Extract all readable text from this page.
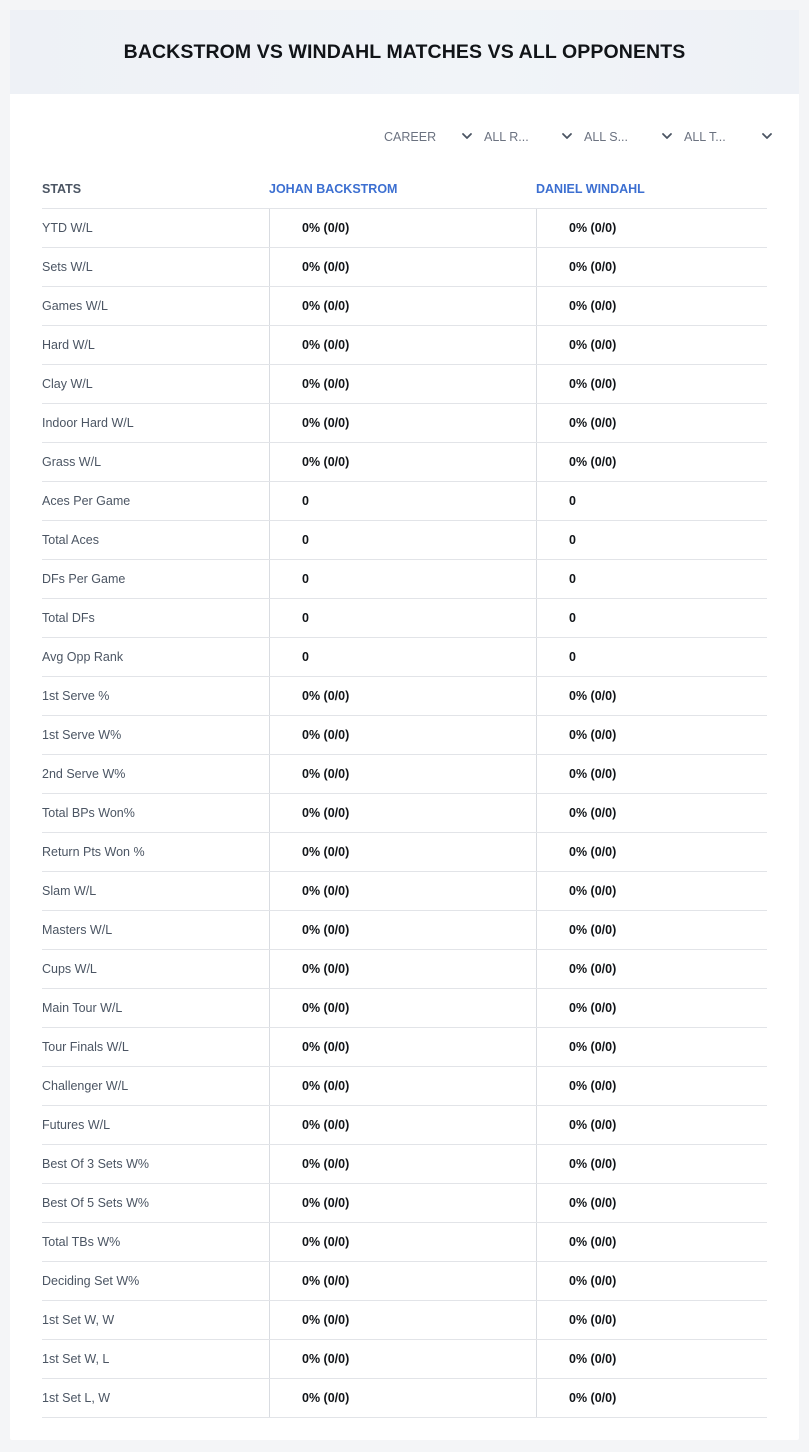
BACKSTROM VS WINDAHL MATCHES VS ALL OPPONENTS
CAREER	ALL R...	ALL S...	ALL T...
STATS	JOHAN BACKSTROM	DANIEL WINDAHL
YTD W/L	0% (0/0)	0% (0/0)
Sets W/L	0% (0/0)	0% (0/0)
Games W/L	0% (0/0)	0% (0/0)
Hard W/L	0% (0/0)	0% (0/0)
Clay W/L	0% (0/0)	0% (0/0)
Indoor Hard W/L	0% (0/0)	0% (0/0)
Grass W/L	0% (0/0)	0% (0/0)
Aces Per Game	0	0
Total Aces	0	0
DFs Per Game	0	0
Total DFs	0	0
Avg Opp Rank	0	0
1st Serve %	0% (0/0)	0% (0/0)
1st Serve W%	0% (0/0)	0% (0/0)
2nd Serve W%	0% (0/0)	0% (0/0)
Total BPs Won%	0% (0/0)	0% (0/0)
Return Pts Won %	0% (0/0)	0% (0/0)
Slam W/L	0% (0/0)	0% (0/0)
Masters W/L	0% (0/0)	0% (0/0)
Cups W/L	0% (0/0)	0% (0/0)
Main Tour W/L	0% (0/0)	0% (0/0)
Tour Finals W/L	0% (0/0)	0% (0/0)
Challenger W/L	0% (0/0)	0% (0/0)
Futures W/L	0% (0/0)	0% (0/0)
Best Of 3 Sets W%	0% (0/0)	0% (0/0)
Best Of 5 Sets W%	0% (0/0)	0% (0/0)
Total TBs W%	0% (0/0)	0% (0/0)
Deciding Set W%	0% (0/0)	0% (0/0)
1st Set W, W	0% (0/0)	0% (0/0)
1st Set W, L	0% (0/0)	0% (0/0)
1st Set L, W	0% (0/0)	0% (0/0)
